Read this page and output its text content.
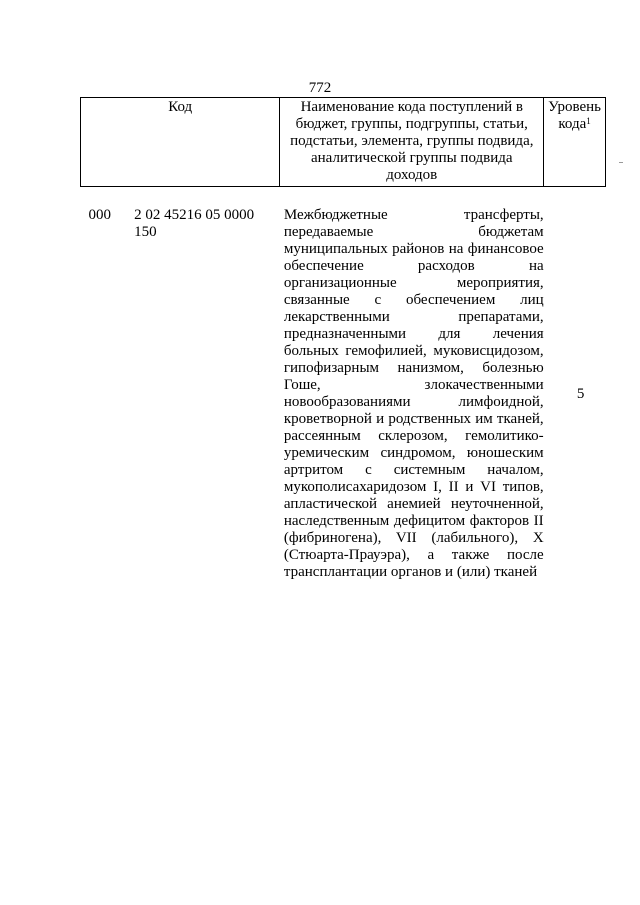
772
Код		Наименование кода поступлений в бюджет, группы, подгруппы, статьи, подстатьи, элемента, группы подвида, аналитической группы подвида доходов	Уровень кода$^1$

000	2 02 45216 05 0000 150	Межбюджетные трансферты, передаваемые бюджетам муниципальных районов на финансовое обеспечение расходов на организационные мероприятия, связанные с обеспечением лиц лекарственными препаратами, предназначенными для лечения больных гемофилией, муковисцидозом, гипофизарным нанизмом, болезнью Гоше, злокачественными новообразованиями лимфоидной, кроветворной и родственных им тканей, рассеянным склерозом, гемолитико-уремическим синдромом, юношеским артритом с системным началом, мукополисахаридозом I, II и VI типов, апластической анемией неуточненной, наследственным дефицитом факторов II (фибриногена), VII (лабильного), X (Стюарта-Прауэра), а также после трансплантации органов и (или) тканей	5
